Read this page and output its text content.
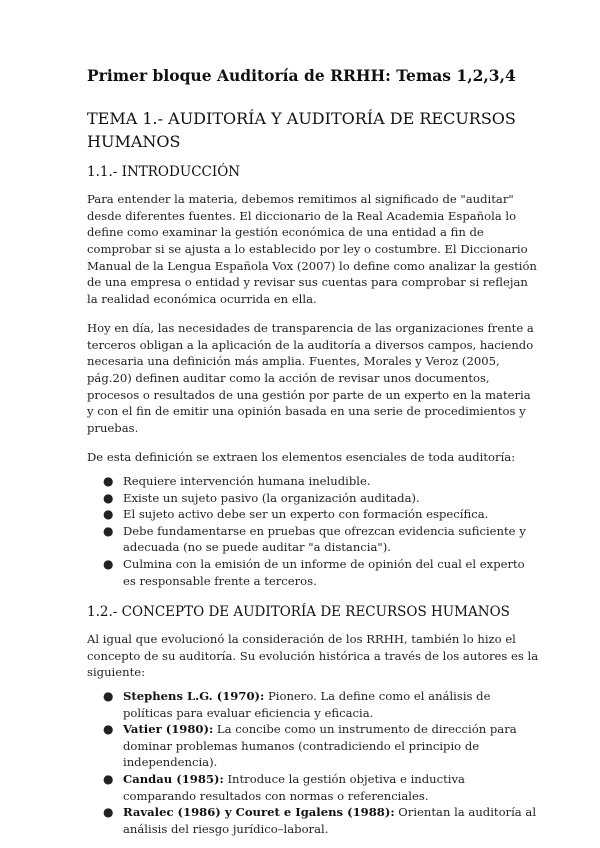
Primer bloque Auditoría de RRHH: Temas 1,2,3,4
TEMA 1.- AUDITORÍA Y AUDITORÍA DE RECURSOS HUMANOS
1.1.- INTRODUCCIÓN

Para entender la materia, debemos remitimos al significado de "auditar" desde diferentes fuentes. El diccionario de la Real Academia Española lo define como examinar la gestión económica de una entidad a fin de comprobar si se ajusta a lo establecido por ley o costumbre. El Diccionario Manual de la Lengua Española Vox (2007) lo define como analizar la gestión de una empresa o entidad y revisar sus cuentas para comprobar si reflejan la realidad económica ocurrida en ella.

Hoy en día, las necesidades de transparencia de las organizaciones frente a terceros obligan a la aplicación de la auditoría a diversos campos, haciendo necesaria una definición más amplia. Fuentes, Morales y Veroz (2005, pág.20) definen auditar como la acción de revisar unos documentos, procesos o resultados de una gestión por parte de un experto en la materia y con el fin de emitir una opinión basada en una serie de procedimientos y pruebas.

De esta definición se extraen los elementos esenciales de toda auditoría:

● Requiere intervención humana ineludible.
● Existe un sujeto pasivo (la organización auditada).
● El sujeto activo debe ser un experto con formación específica.
● Debe fundamentarse en pruebas que ofrezcan evidencia suficiente y adecuada (no se puede auditar "a distancia").
● Culmina con la emisión de un informe de opinión del cual el experto es responsable frente a terceros.
1.2.- CONCEPTO DE AUDITORÍA DE RECURSOS HUMANOS

Al igual que evolucionó la consideración de los RRHH, también lo hizo el concepto de su auditoría. Su evolución histórica a través de los autores es la siguiente:

● Stephens L.G. (1970): Pionero. La define como el análisis de políticas para evaluar eficiencia y eficacia.
● Vatier (1980): La concibe como un instrumento de dirección para dominar problemas humanos (contradiciendo el principio de independencia).
● Candau (1985): Introduce la gestión objetiva e inductiva comparando resultados con normas o referenciales.
● Ravalec (1986) y Couret e Igalens (1988): Orientan la auditoría al análisis del riesgo jurídico–laboral.
